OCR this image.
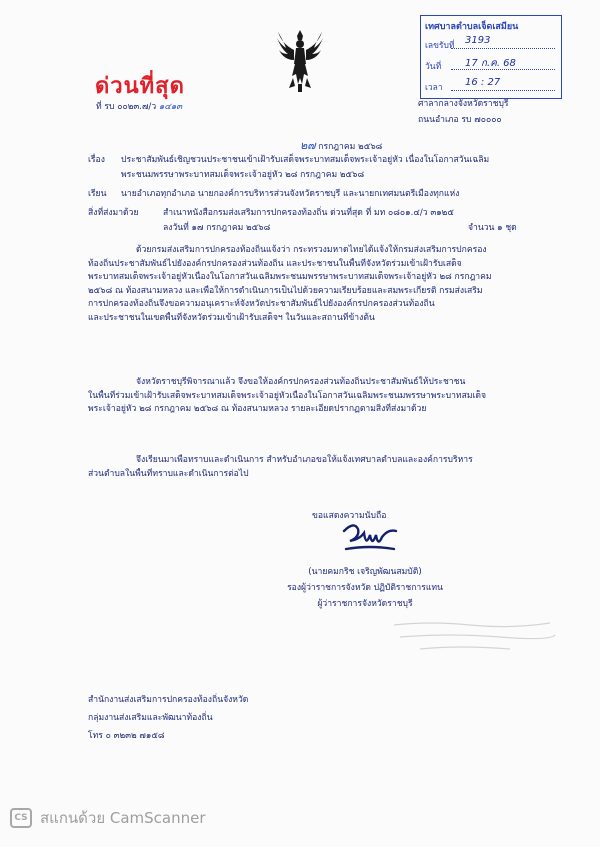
ด่วนที่สุด
ที่ รบ ๐๐๒๓.๗/ว ๑๔๑๓
เทศบาลตำบลเจ็ดเสมียน
เลขรับที่ 3193
วันที่ 17 ก.ค. 68
เวลา 16 : 27
ศาลากลางจังหวัดราชบุรี
ถนนอำเภอ รบ ๗๐๐๐๐
๒๗ กรกฎาคม ๒๕๖๘
เรื่อง ประชาสัมพันธ์เชิญชวนประชาชนเข้าเฝ้ารับเสด็จพระบาทสมเด็จพระเจ้าอยู่หัว เนื่องในโอกาสวันเฉลิม
พระชนมพรรษาพระบาทสมเด็จพระเจ้าอยู่หัว ๒๘ กรกฎาคม ๒๕๖๘
เรียน นายอำเภอทุกอำเภอ นายกองค์การบริหารส่วนจังหวัดราชบุรี และนายกเทศมนตรีเมืองทุกแห่ง
สิ่งที่ส่งมาด้วย	สำเนาหนังสือกรมส่งเสริมการปกครองท้องถิ่น ด่วนที่สุด ที่ มท ๐๘๐๑.๔/ว ๓๑๒๕
ลงวันที่ ๑๗ กรกฎาคม ๒๕๖๘	จำนวน ๑ ชุด

ด้วยกรมส่งเสริมการปกครองท้องถิ่นแจ้งว่า กระทรวงมหาดไทยได้แจ้งให้กรมส่งเสริมการปกครอง

ท้องถิ่นประชาสัมพันธ์ไปยังองค์กรปกครองส่วนท้องถิ่น และประชาชนในพื้นที่จังหวัดร่วมเข้าเฝ้ารับเสด็จ

พระบาทสมเด็จพระเจ้าอยู่หัวเนื่องในโอกาสวันเฉลิมพระชนมพรรษาพระบาทสมเด็จพระเจ้าอยู่หัว ๒๘ กรกฎาคม

๒๕๖๘ ณ ท้องสนามหลวง และเพื่อให้การดำเนินการเป็นไปด้วยความเรียบร้อยและสมพระเกียรติ กรมส่งเสริม

การปกครองท้องถิ่นจึงขอความอนุเคราะห์จังหวัดประชาสัมพันธ์ไปยังองค์กรปกครองส่วนท้องถิ่น

และประชาชนในเขตพื้นที่จังหวัดร่วมเข้าเฝ้ารับเสด็จฯ ในวันและสถานที่ข้างต้น

จังหวัดราชบุรีพิจารณาแล้ว จึงขอให้องค์กรปกครองส่วนท้องถิ่นประชาสัมพันธ์ให้ประชาชน

ในพื้นที่ร่วมเข้าเฝ้ารับเสด็จพระบาทสมเด็จพระเจ้าอยู่หัวเนื่องในโอกาสวันเฉลิมพระชนมพรรษาพระบาทสมเด็จ

พระเจ้าอยู่หัว ๒๘ กรกฎาคม ๒๕๖๘ ณ ท้องสนามหลวง รายละเอียดปรากฏตามสิ่งที่ส่งมาด้วย

จึงเรียนมาเพื่อทราบและดำเนินการ สำหรับอำเภอขอให้แจ้งเทศบาลตำบลและองค์การบริหาร

ส่วนตำบลในพื้นที่ทราบและดำเนินการต่อไป

ขอแสดงความนับถือ
(นายคมกริช เจริญพัฒนสมบัติ)
รองผู้ว่าราชการจังหวัด ปฏิบัติราชการแทน
ผู้ว่าราชการจังหวัดราชบุรี
สำนักงานส่งเสริมการปกครองท้องถิ่นจังหวัด
กลุ่มงานส่งเสริมและพัฒนาท้องถิ่น
โทร ๐ ๓๒๓๒ ๗๑๕๘
CS สแกนด้วย CamScanner
